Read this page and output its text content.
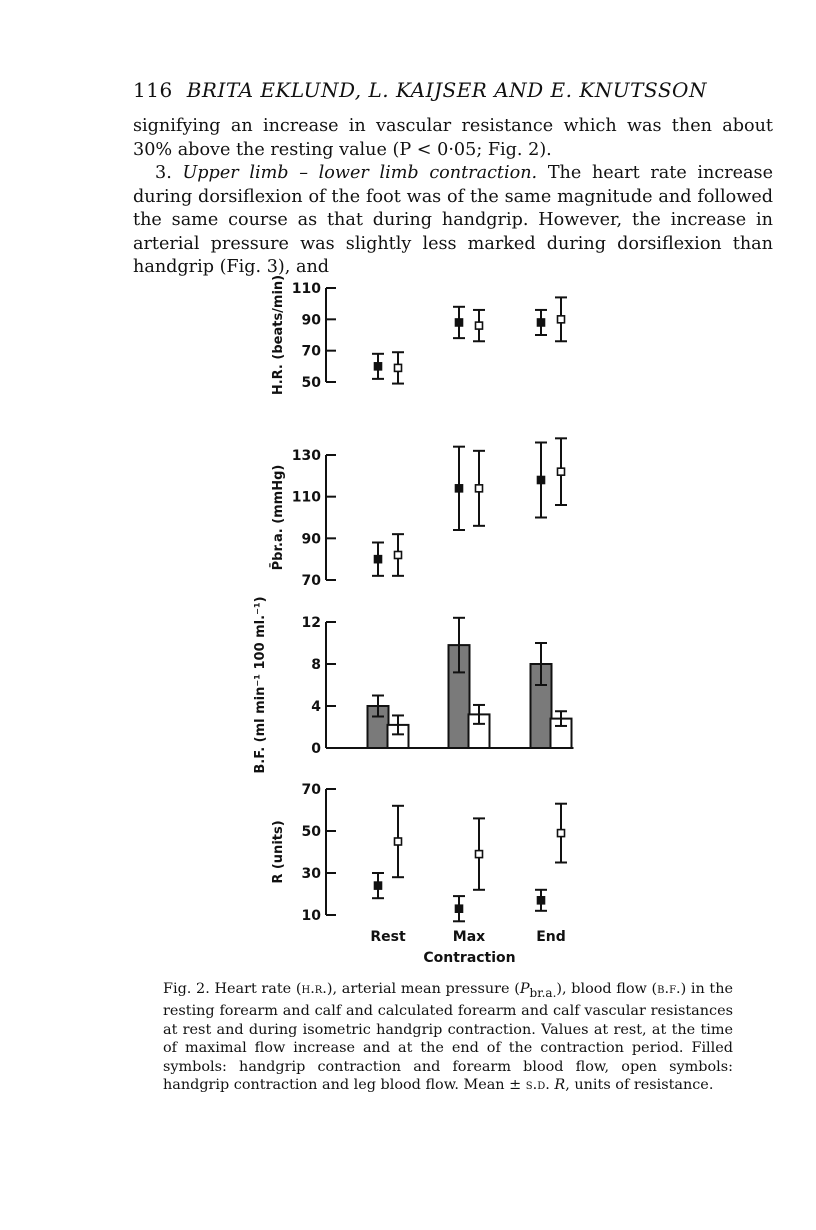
116 BRITA EKLUND, L. KAIJSER AND E. KNUTSSON

signifying an increase in vascular resistance which was then about 30% above the resting value (P < 0·05; Fig. 2).

3. Upper limb – lower limb contraction. The heart rate increase during dorsiflexion of the foot was of the same magnitude and followed the same course as that during handgrip. However, the increase in arterial pressure was slightly less marked during dorsiflexion than handgrip (Fig. 3), and

50
70
90
110
H.R. (beats/min)
70
90
110
130
P̄br.a. (mmHg)
0
4
8
12
B.F. (ml min⁻¹ 100 ml.⁻¹)
10
30
50
70
R (units)
Rest	Max	End
Contraction
Fig. 2. Heart rate (h.r.), arterial mean pressure $(P_{br.a.})$, blood flow (b.f.) in the resting forearm and calf and calculated forearm and calf vascular resistances at rest and during isometric handgrip contraction. Values at rest, at the time of maximal flow increase and at the end of the contraction period. Filled symbols: handgrip contraction and forearm blood flow, open symbols: handgrip contraction and leg blood flow. Mean ± s.d. R, units of resistance.
